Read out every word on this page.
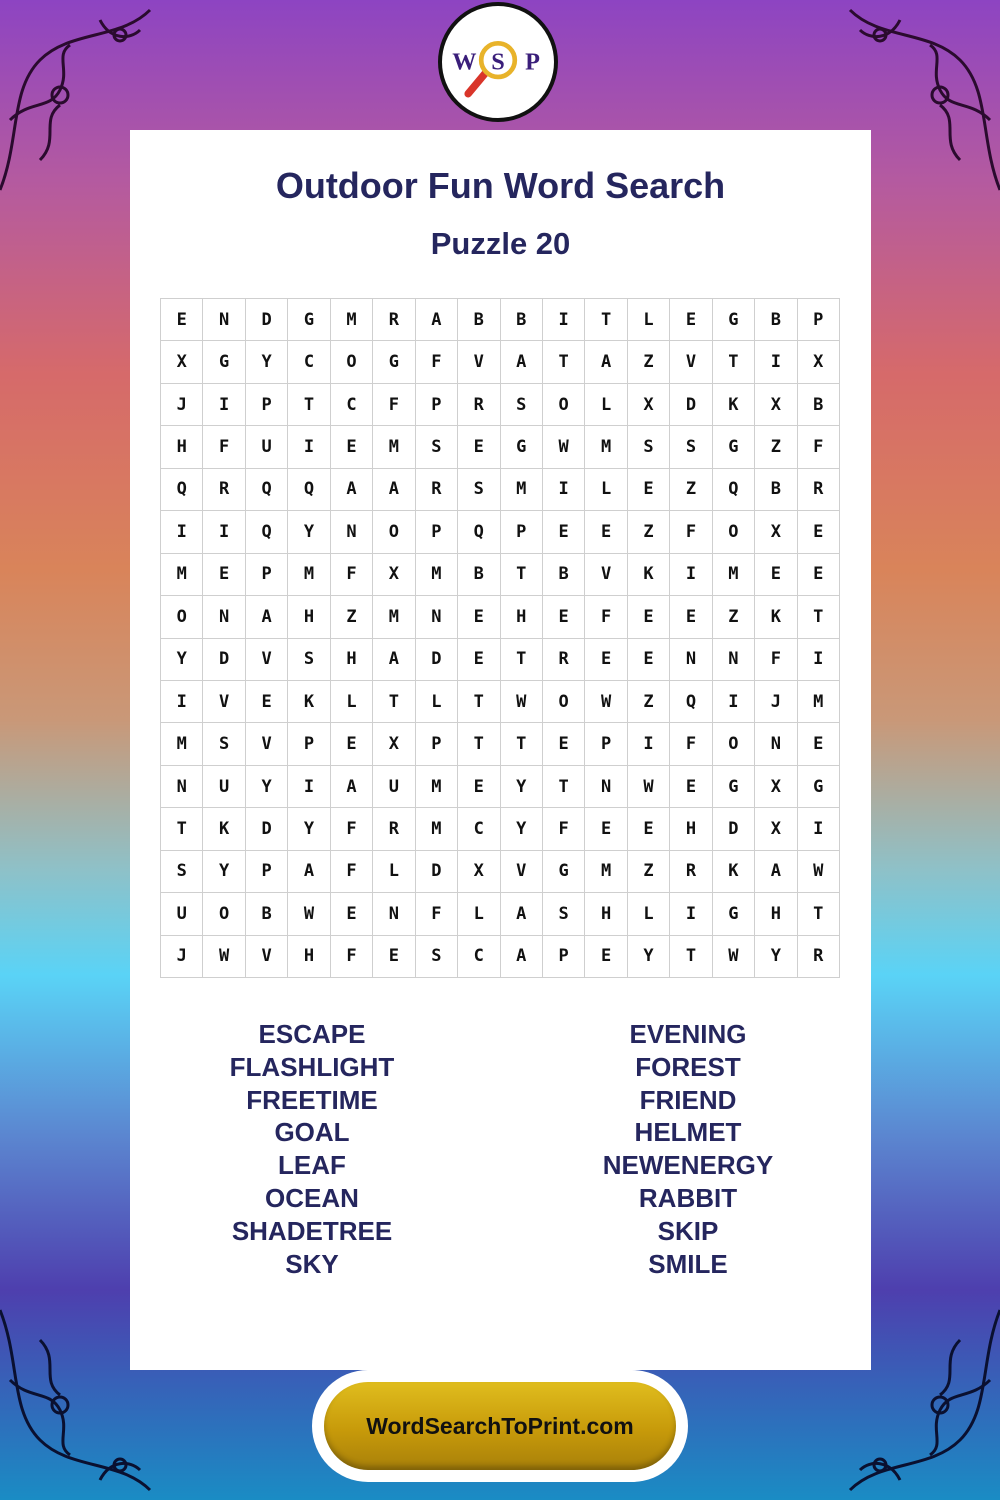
W S P
Outdoor Fun Word Search
Puzzle 20
E	N	D	G	M	R	A	B	B	I	T	L	E	G	B	P
X	G	Y	C	O	G	F	V	A	T	A	Z	V	T	I	X
J	I	P	T	C	F	P	R	S	O	L	X	D	K	X	B
H	F	U	I	E	M	S	E	G	W	M	S	S	G	Z	F
Q	R	Q	Q	A	A	R	S	M	I	L	E	Z	Q	B	R
I	I	Q	Y	N	O	P	Q	P	E	E	Z	F	O	X	E
M	E	P	M	F	X	M	B	T	B	V	K	I	M	E	E
O	N	A	H	Z	M	N	E	H	E	F	E	E	Z	K	T
Y	D	V	S	H	A	D	E	T	R	E	E	N	N	F	I
I	V	E	K	L	T	L	T	W	O	W	Z	Q	I	J	M
M	S	V	P	E	X	P	T	T	E	P	I	F	O	N	E
N	U	Y	I	A	U	M	E	Y	T	N	W	E	G	X	G
T	K	D	Y	F	R	M	C	Y	F	E	E	H	D	X	I
S	Y	P	A	F	L	D	X	V	G	M	Z	R	K	A	W
U	O	B	W	E	N	F	L	A	S	H	L	I	G	H	T
J	W	V	H	F	E	S	C	A	P	E	Y	T	W	Y	R
ESCAPE
FLASHLIGHT
FREETIME
GOAL
LEAF
OCEAN
SHADETREE
SKY
EVENING
FOREST
FRIEND
HELMET
NEWENERGY
RABBIT
SKIP
SMILE
WordSearchToPrint.com
